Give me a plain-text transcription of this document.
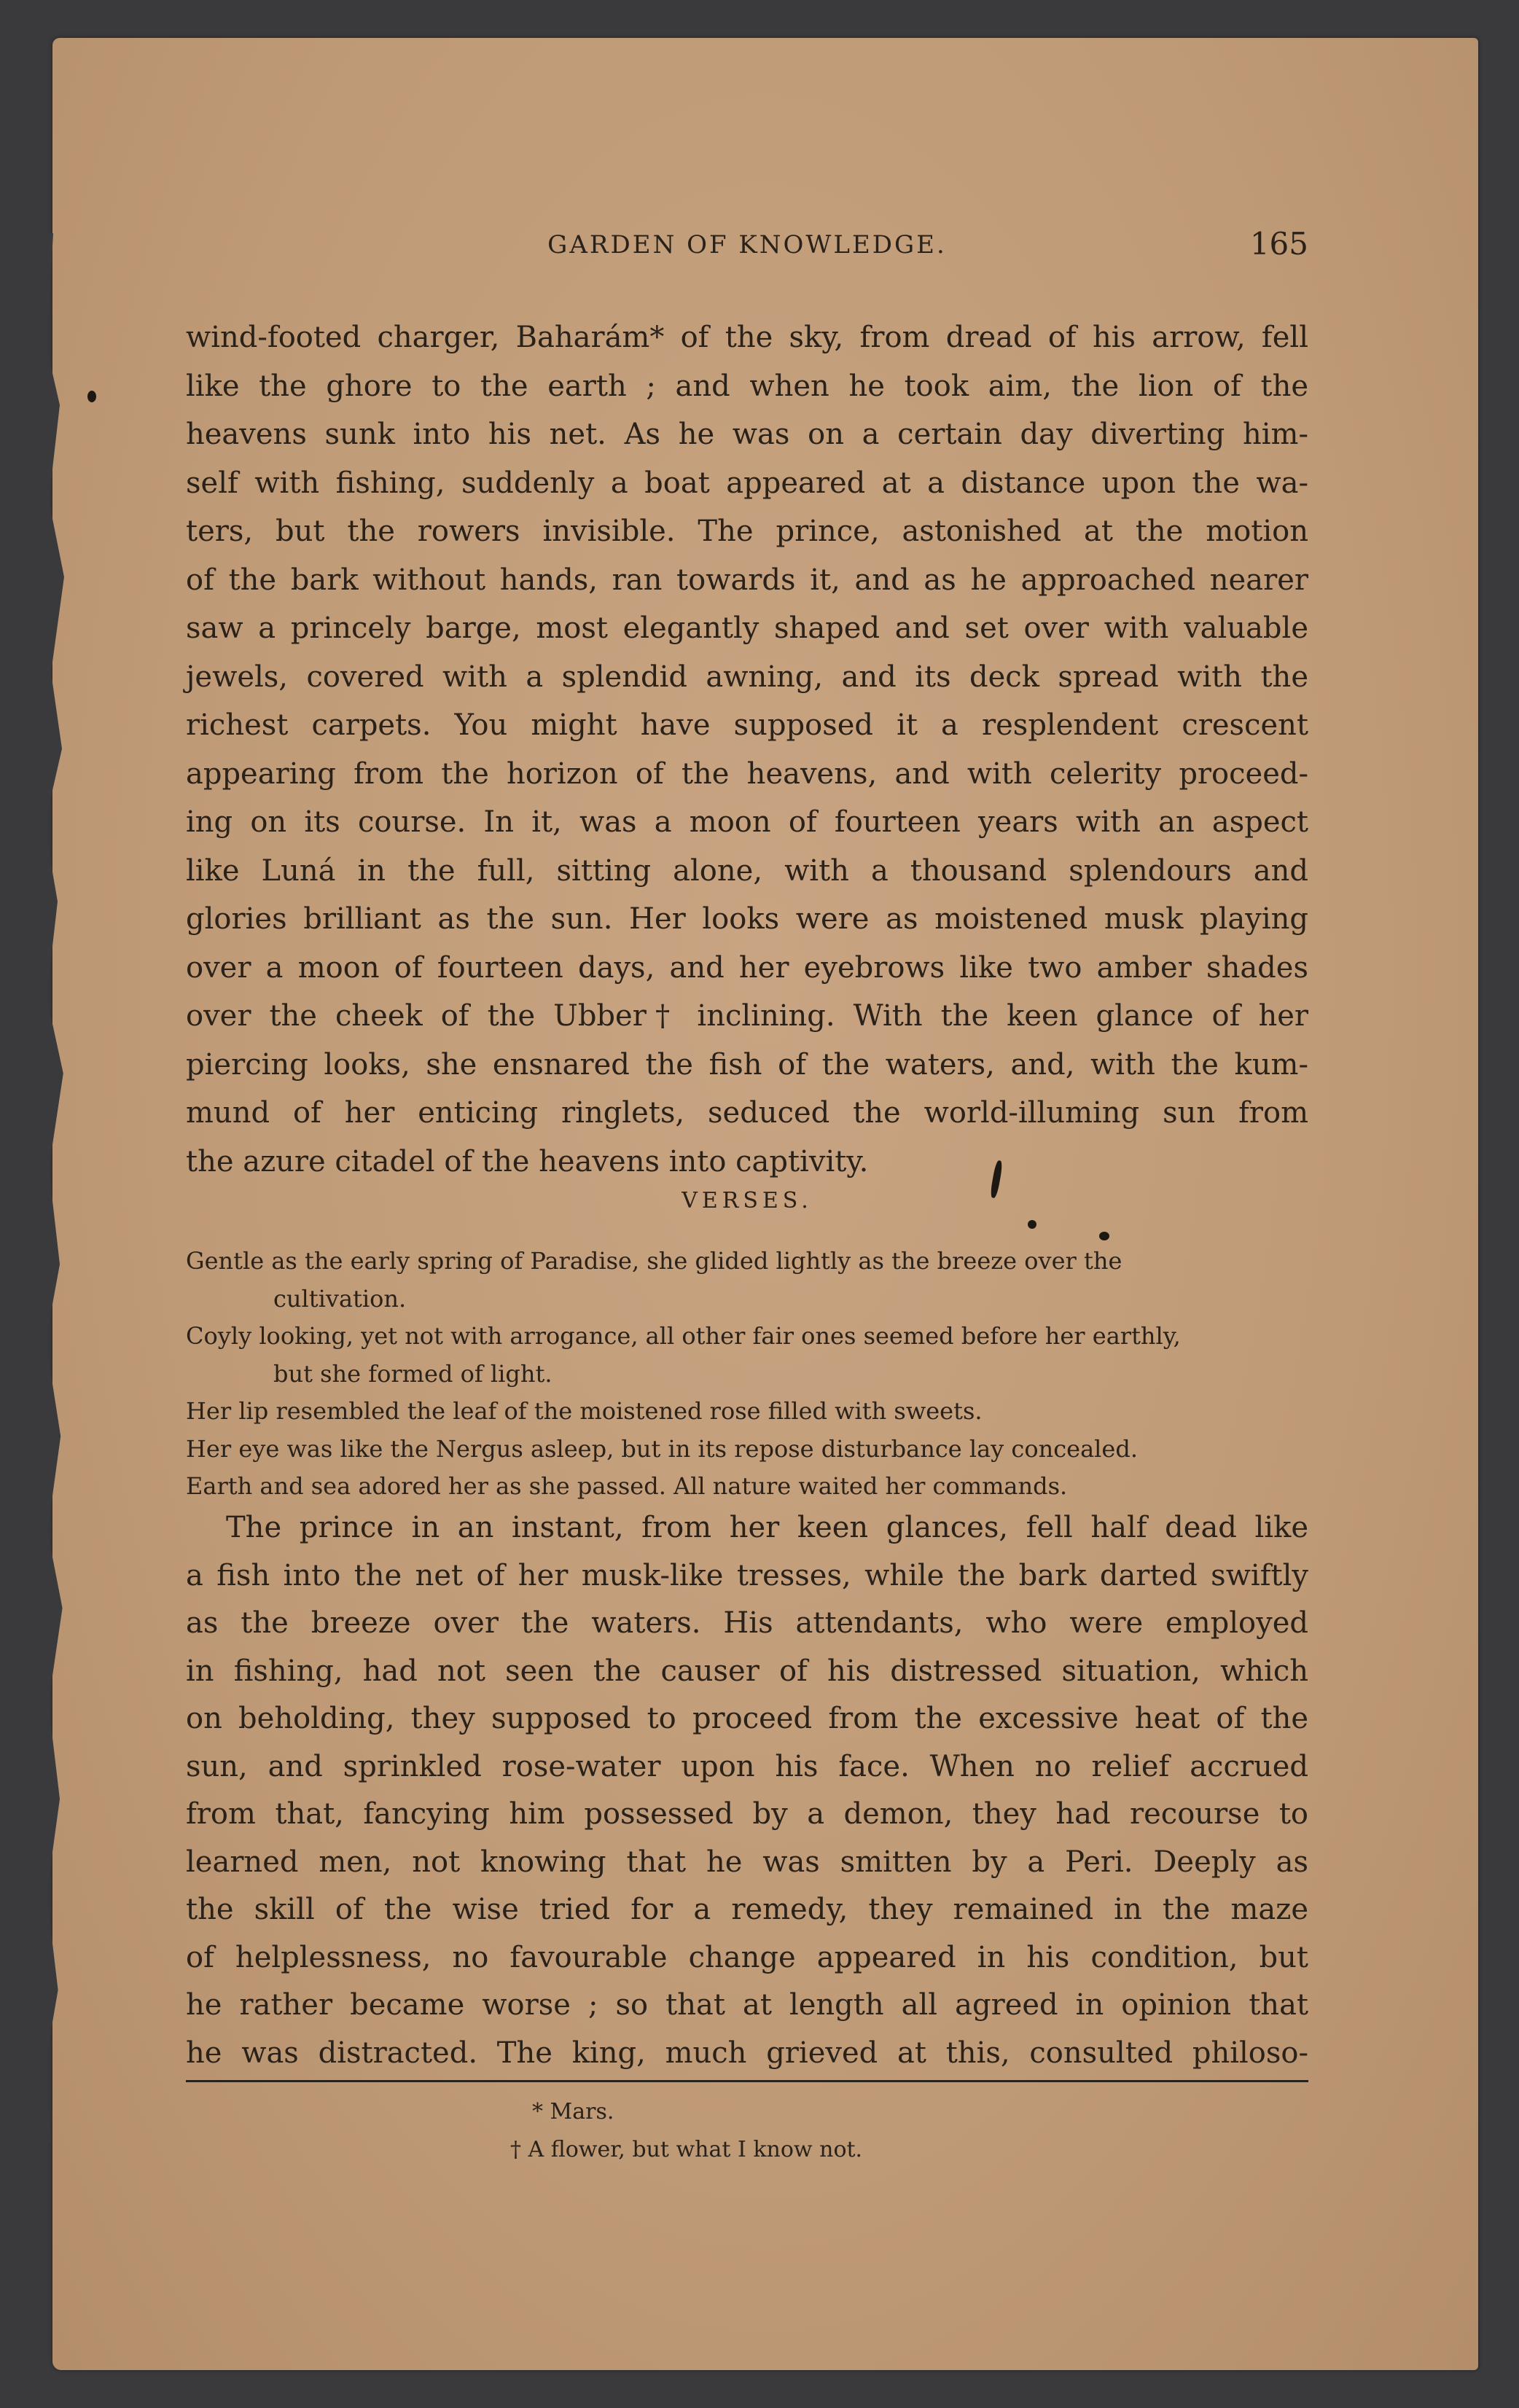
GARDEN OF KNOWLEDGE.	165
wind-footed charger, Baharám* of the sky, from dread of his arrow, fell
like the ghore to the earth ; and when he took aim, the lion of the
heavens sunk into his net. As he was on a certain day diverting him-
self with fishing, suddenly a boat appeared at a distance upon the wa-
ters, but the rowers invisible. The prince, astonished at the motion
of the bark without hands, ran towards it, and as he approached nearer
saw a princely barge, most elegantly shaped and set over with valuable
jewels, covered with a splendid awning, and its deck spread with the
richest carpets. You might have supposed it a resplendent crescent
appearing from the horizon of the heavens, and with celerity proceed-
ing on its course. In it, was a moon of fourteen years with an aspect
like Luná in the full, sitting alone, with a thousand splendours and
glories brilliant as the sun. Her looks were as moistened musk playing
over a moon of fourteen days, and her eyebrows like two amber shades
over the cheek of the Ubber† inclining. With the keen glance of her
piercing looks, she ensnared the fish of the waters, and, with the kum-
mund of her enticing ringlets, seduced the world-illuming sun from
the azure citadel of the heavens into captivity.
VERSES.
Gentle as the early spring of Paradise, she glided lightly as the breeze over the
cultivation.
Coyly looking, yet not with arrogance, all other fair ones seemed before her earthly,
but she formed of light.
Her lip resembled the leaf of the moistened rose filled with sweets.
Her eye was like the Nergus asleep, but in its repose disturbance lay concealed.
Earth and sea adored her as she passed. All nature waited her commands.
The prince in an instant, from her keen glances, fell half dead like
a fish into the net of her musk-like tresses, while the bark darted swiftly
as the breeze over the waters. His attendants, who were employed
in fishing, had not seen the causer of his distressed situation, which
on beholding, they supposed to proceed from the excessive heat of the
sun, and sprinkled rose-water upon his face. When no relief accrued
from that, fancying him possessed by a demon, they had recourse to
learned men, not knowing that he was smitten by a Peri. Deeply as
the skill of the wise tried for a remedy, they remained in the maze
of helplessness, no favourable change appeared in his condition, but
he rather became worse ; so that at length all agreed in opinion that
he was distracted. The king, much grieved at this, consulted philoso-
* Mars.
† A flower, but what I know not.
